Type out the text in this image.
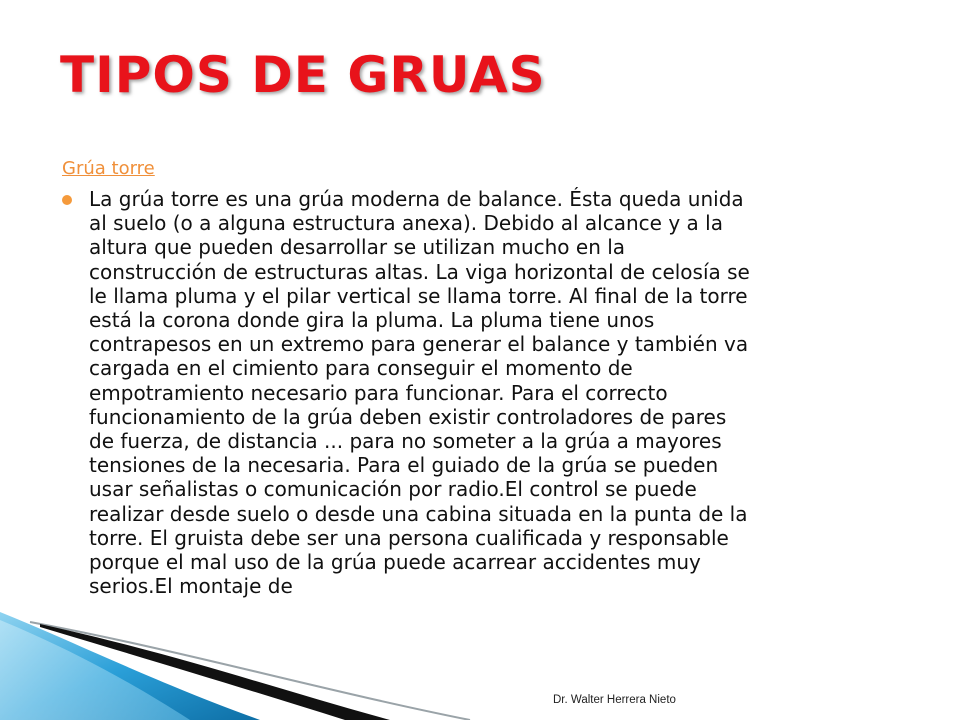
TIPOS DE GRUAS
Grúa torre

La grúa torre es una grúa moderna de balance. Ésta queda unida
al suelo (o a alguna estructura anexa). Debido al alcance y a la
altura que pueden desarrollar se utilizan mucho en la
construcción de estructuras altas. La viga horizontal de celosía se
le llama pluma y el pilar vertical se llama torre. Al final de la torre
está la corona donde gira la pluma. La pluma tiene unos
contrapesos en un extremo para generar el balance y también va
cargada en el cimiento para conseguir el momento de
empotramiento necesario para funcionar. Para el correcto
funcionamiento de la grúa deben existir controladores de pares
de fuerza, de distancia ... para no someter a la grúa a mayores
tensiones de la necesaria. Para el guiado de la grúa se pueden
usar señalistas o comunicación por radio.El control se puede
realizar desde suelo o desde una cabina situada en la punta de la
torre. El gruista debe ser una persona cualificada y responsable
porque el mal uso de la grúa puede acarrear accidentes muy
serios.El montaje de

Dr. Walter Herrera Nieto
